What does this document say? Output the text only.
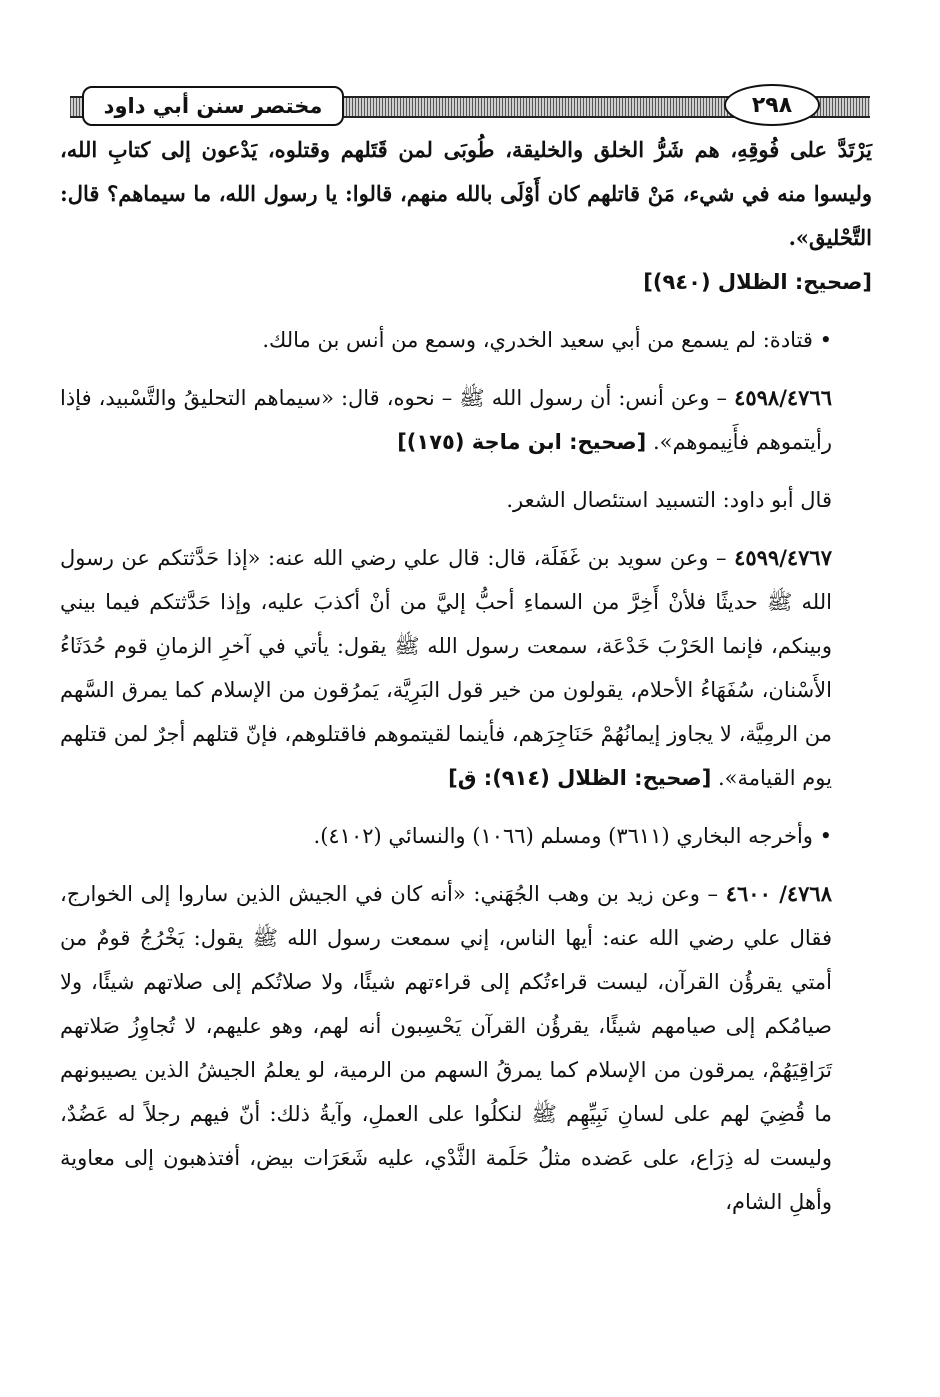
مختصر سنن أبي داود	٢٩٨

يَرْتَدَّ على فُوقِهِ، هم شَرُّ الخلق والخليقة، طُوبَى لمن قَتَلهم وقتلوه، يَدْعون إلى كتابِ الله، وليسوا منه في شيء، مَنْ قاتلهم كان أَوْلَى بالله منهم، قالوا: يا رسول الله، ما سيماهم؟ قال: التَّحْليق».
[صحيح: الظلال (٩٤٠)]

• قتادة: لم يسمع من أبي سعيد الخدري، وسمع من أنس بن مالك.

٤٥٩٨/٤٧٦٦ – وعن أنس: أن رسول الله ﷺ – نحوه، قال: «سيماهم التحليقُ والتَّسْبيد، فإذا رأيتموهم فأَنِيموهم». [صحيح: ابن ماجة (١٧٥)]

قال أبو داود: التسبيد استئصال الشعر.

٤٥٩٩/٤٧٦٧ – وعن سويد بن غَفَلَة، قال: قال علي رضي الله عنه: «إذا حَدَّثتكم عن رسول الله ﷺ حديثًا فلأنْ أَخِرَّ من السماءِ أحبُّ إليَّ من أنْ أكذبَ عليه، وإذا حَدَّثتكم فيما بيني وبينكم، فإنما الحَرْبَ خَدْعَة، سمعت رسول الله ﷺ يقول: يأتي في آخرِ الزمانِ قوم حُدَثَاءُ الأَسْنان، سُفَهَاءُ الأحلام، يقولون من خير قول البَرِيَّة، يَمرُقون من الإسلام كما يمرق السَّهم من الرمِيَّة، لا يجاوز إيمانُهُمْ حَنَاجِرَهم، فأينما لقيتموهم فاقتلوهم، فإنّ قتلهم أجرٌ لمن قتلهم يوم القيامة». [صحيح: الظلال (٩١٤): ق]

• وأخرجه البخاري (٣٦١١) ومسلم (١٠٦٦) والنسائي (٤١٠٢).

٤٧٦٨/ ٤٦٠٠ – وعن زيد بن وهب الجُهَني: «أنه كان في الجيش الذين ساروا إلى الخوارج، فقال علي رضي الله عنه: أيها الناس، إني سمعت رسول الله ﷺ يقول: يَخْرُجُ قومٌ من أمتي يقرؤُن القرآن، ليست قراءتُكم إلى قراءتهم شيئًا، ولا صلاتُكم إلى صلاتهم شيئًا، ولا صيامُكم إلى صيامهم شيئًا، يقرؤُن القرآن يَحْسِبون أنه لهم، وهو عليهم، لا تُجاوِزُ صَلاتهم تَرَاقِيَهُمْ، يمرقون من الإسلام كما يمرقُ السهم من الرمية، لو يعلمُ الجيشُ الذين يصيبونهم ما قُضِيَ لهم على لسانِ نَبِيِّهِم ﷺ لنكلُوا على العملِ، وآيةُ ذلك: أنّ فيهم رجلاً له عَضُدٌ، وليست له ذِرَاع، على عَضده مثلُ حَلَمة الثَّدْي، عليه شَعَرَات بيض، أفتذهبون إلى معاوية وأهلِ الشام،
